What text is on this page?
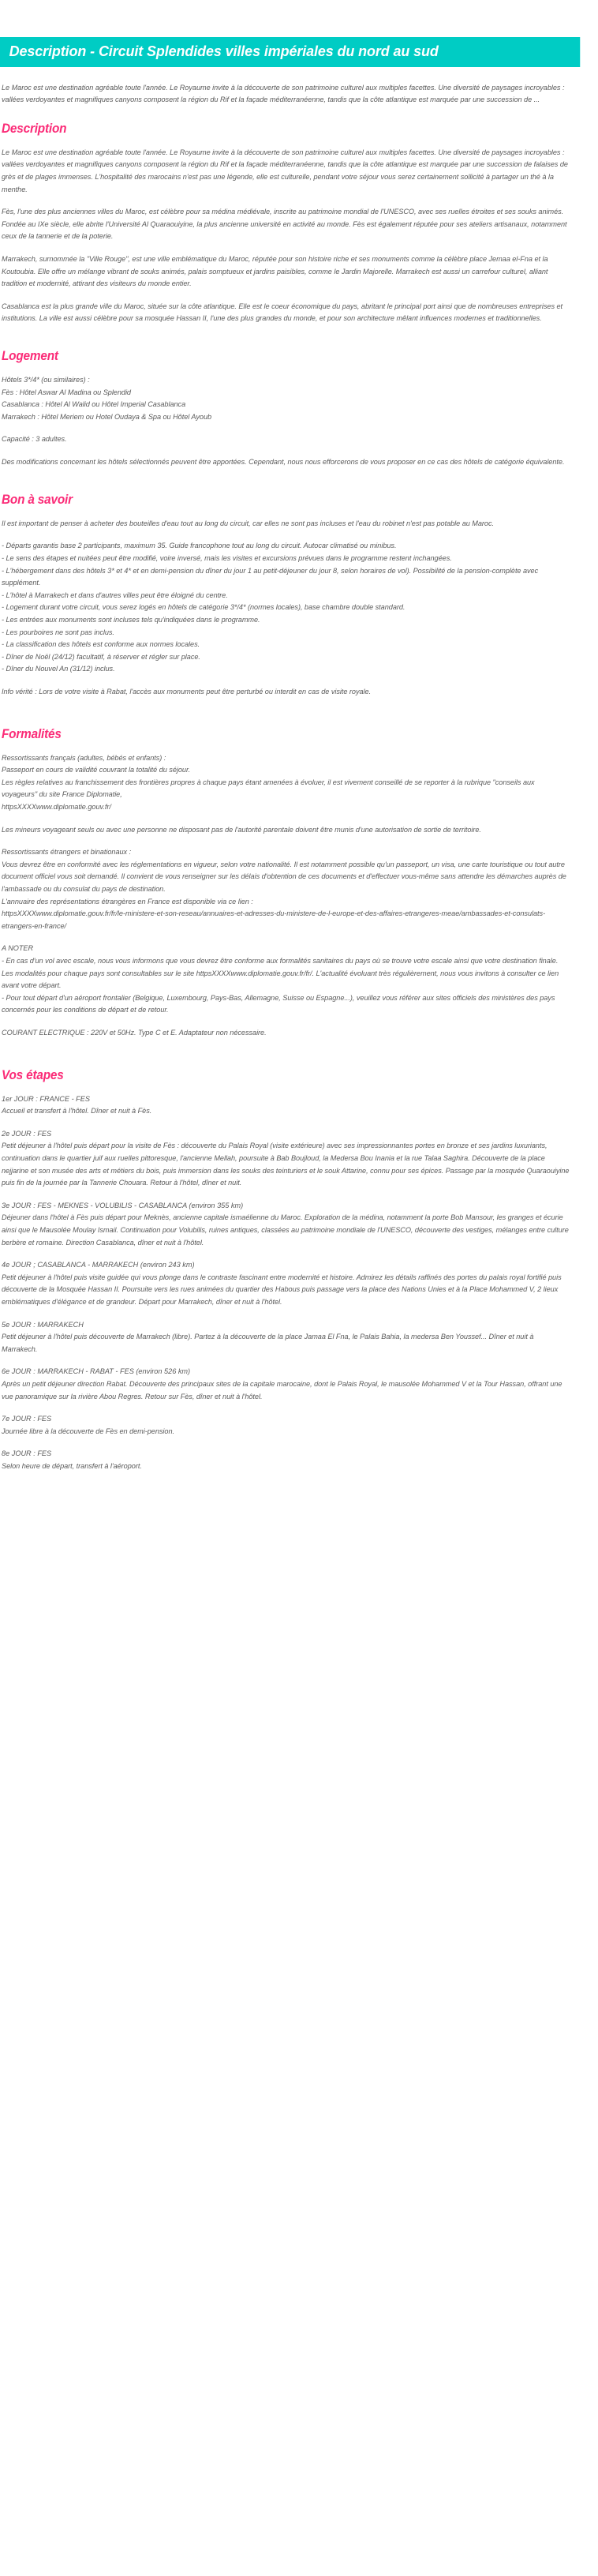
Description - Circuit Splendides villes impériales du nord au sud

Le Maroc est une destination agréable toute l'année. Le Royaume invite à la découverte de son patrimoine culturel aux multiples facettes. Une diversité de paysages incroyables : vallées verdoyantes et magnifiques canyons composent la région du Rif et la façade méditerranéenne, tandis que la côte atlantique est marquée par une succession de ...

Description

Le Maroc est une destination agréable toute l'année. Le Royaume invite à la découverte de son patrimoine culturel aux multiples facettes. Une diversité de paysages incroyables : vallées verdoyantes et magnifiques canyons composent la région du Rif et la façade méditerranéenne, tandis que la côte atlantique est marquée par une succession de falaises de grès et de plages immenses. L'hospitalité des marocains n'est pas une légende, elle est culturelle, pendant votre séjour vous serez certainement sollicité à partager un thé à la menthe.

Fès, l'une des plus anciennes villes du Maroc, est célèbre pour sa médina médiévale, inscrite au patrimoine mondial de l'UNESCO, avec ses ruelles étroites et ses souks animés. Fondée au IXe siècle, elle abrite l'Université Al Quaraouiyine, la plus ancienne université en activité au monde. Fès est également réputée pour ses ateliers artisanaux, notamment ceux de la tannerie et de la poterie.

Marrakech, surnommée la "Ville Rouge", est une ville emblématique du Maroc, réputée pour son histoire riche et ses monuments comme la célèbre place Jemaa el-Fna et la Koutoubia. Elle offre un mélange vibrant de souks animés, palais somptueux et jardins paisibles, comme le Jardin Majorelle. Marrakech est aussi un carrefour culturel, alliant tradition et modernité, attirant des visiteurs du monde entier.

Casablanca est la plus grande ville du Maroc, située sur la côte atlantique. Elle est le coeur économique du pays, abritant le principal port ainsi que de nombreuses entreprises et institutions. La ville est aussi célèbre pour sa mosquée Hassan II, l'une des plus grandes du monde, et pour son architecture mêlant influences modernes et traditionnelles.

Logement
Hôtels 3*/4* (ou similaires) :
Fès : Hôtel Aswar Al Madina ou Splendid
Casablanca : Hôtel Al Walid ou Hôtel Imperial Casablanca
Marrakech : Hôtel Meriem ou Hotel Oudaya & Spa ou Hôtel Ayoub

Capacité : 3 adultes.

Des modifications concernant les hôtels sélectionnés peuvent être apportées. Cependant, nous nous efforcerons de vous proposer en ce cas des hôtels de catégorie équivalente.

Bon à savoir

Il est important de penser à acheter des bouteilles d'eau tout au long du circuit, car elles ne sont pas incluses et l'eau du robinet n'est pas potable au Maroc.

- Départs garantis base 2 participants, maximum 35. Guide francophone tout au long du circuit. Autocar climatisé ou minibus.
- Le sens des étapes et nuitées peut être modifié, voire inversé, mais les visites et excursions prévues dans le programme restent inchangées.
- L'hébergement dans des hôtels 3* et 4* et en demi-pension du dîner du jour 1 au petit-déjeuner du jour 8, selon horaires de vol). Possibilité de la pension-complète avec supplément.
- L'hôtel à Marrakech et dans d'autres villes peut être éloigné du centre.
- Logement durant votre circuit, vous serez logés en hôtels de catégorie 3*/4* (normes locales), base chambre double standard.
- Les entrées aux monuments sont incluses tels qu'indiquées dans le programme.
- Les pourboires ne sont pas inclus.
- La classification des hôtels est conforme aux normes locales.
- Dîner de Noël (24/12) facultatif, à réserver et régler sur place.
- Dîner du Nouvel An (31/12) inclus.

Info vérité : Lors de votre visite à Rabat, l'accès aux monuments peut être perturbé ou interdit en cas de visite royale.

Formalités
Ressortissants français (adultes, bébés et enfants) :
Passeport en cours de validité couvrant la totalité du séjour.
Les règles relatives au franchissement des frontières propres à chaque pays étant amenées à évoluer, il est vivement conseillé de se reporter à la rubrique "conseils aux voyageurs" du site France Diplomatie,
httpsXXXXwww.diplomatie.gouv.fr/

Les mineurs voyageant seuls ou avec une personne ne disposant pas de l'autorité parentale doivent être munis d'une autorisation de sortie de territoire.

Ressortissants étrangers et binationaux :
Vous devrez être en conformité avec les réglementations en vigueur, selon votre nationalité. Il est notamment possible qu'un passeport, un visa, une carte touristique ou tout autre document officiel vous soit demandé. Il convient de vous renseigner sur les délais d'obtention de ces documents et d'effectuer vous-même sans attendre les démarches auprès de l'ambassade ou du consulat du pays de destination.
L'annuaire des représentations étrangères en France est disponible via ce lien :
httpsXXXXwww.diplomatie.gouv.fr/fr/le-ministere-et-son-reseau/annuaires-et-adresses-du-ministere-de-l-europe-et-des-affaires-etrangeres-meae/ambassades-et-consulats-etrangers-en-france/

A NOTER

- En cas d'un vol avec escale, nous vous informons que vous devrez être conforme aux formalités sanitaires du pays où se trouve votre escale ainsi que votre destination finale.
Les modalités pour chaque pays sont consultables sur le site httpsXXXXwww.diplomatie.gouv.fr/fr/. L'actualité évoluant très régulièrement, nous vous invitons à consulter ce lien avant votre départ.
- Pour tout départ d'un aéroport frontalier (Belgique, Luxembourg, Pays-Bas, Allemagne, Suisse ou Espagne...), veuillez vous référer aux sites officiels des ministères des pays concernés pour les conditions de départ et de retour.

COURANT ELECTRIQUE : 220V et 50Hz. Type C et E. Adaptateur non nécessaire.

Vos étapes
1er JOUR : FRANCE - FES

Accueil et transfert à l'hôtel. Dîner et nuit à Fès.

2e JOUR : FES

Petit déjeuner à l'hôtel puis départ pour la visite de Fès : découverte du Palais Royal (visite extérieure) avec ses impressionnantes portes en bronze et ses jardins luxuriants, continuation dans le quartier juif aux ruelles pittoresque, l'ancienne Mellah, poursuite à Bab Boujloud, la Medersa Bou Inania et la rue Talaa Saghira. Découverte de la place nejjarine et son musée des arts et métiers du bois, puis immersion dans les souks des teinturiers et le souk Attarine, connu pour ses épices. Passage par la mosquée Quaraouiyine puis fin de la journée par la Tannerie Chouara. Retour à l'hôtel, dîner et nuit.

3e JOUR : FES - MEKNES - VOLUBILIS - CASABLANCA (environ 355 km)

Déjeuner dans l'hôtel à Fès puis départ pour Meknès, ancienne capitale ismaélienne du Maroc. Exploration de la médina, notamment la porte Bob Mansour, les granges et écurie ainsi que le Mausolée Moulay Ismail. Continuation pour Volubilis, ruines antiques, classées au patrimoine mondiale de l'UNESCO, découverte des vestiges, mélanges entre culture berbère et romaine. Direction Casablanca, dîner et nuit à l'hôtel.

4e JOUR ; CASABLANCA - MARRAKECH (environ 243 km)

Petit déjeuner à l'hôtel puis visite guidée qui vous plonge dans le contraste fascinant entre modernité et histoire. Admirez les détails raffinés des portes du palais royal fortifié puis découverte de la Mosquée Hassan II. Poursuite vers les rues animées du quartier des Habous puis passage vers la place des Nations Unies et à la Place Mohammed V, 2 lieux emblématiques d'élégance et de grandeur. Départ pour Marrakech, dîner et nuit à l'hôtel.

5e JOUR : MARRAKECH

Petit déjeuner à l'hôtel puis découverte de Marrakech (libre). Partez à la découverte de la place Jamaa El Fna, le Palais Bahia, la medersa Ben Youssef... Dîner et nuit à Marrakech.

6e JOUR : MARRAKECH - RABAT - FES (environ 526 km)

Après un petit déjeuner direction Rabat. Découverte des principaux sites de la capitale marocaine, dont le Palais Royal, le mausolée Mohammed V et la Tour Hassan, offrant une vue panoramique sur la rivière Abou Regres. Retour sur Fès, dîner et nuit à l'hôtel.

7e JOUR : FES

Journée libre à la découverte de Fès en demi-pension.

8e JOUR : FES

Selon heure de départ, transfert à l'aéroport.
